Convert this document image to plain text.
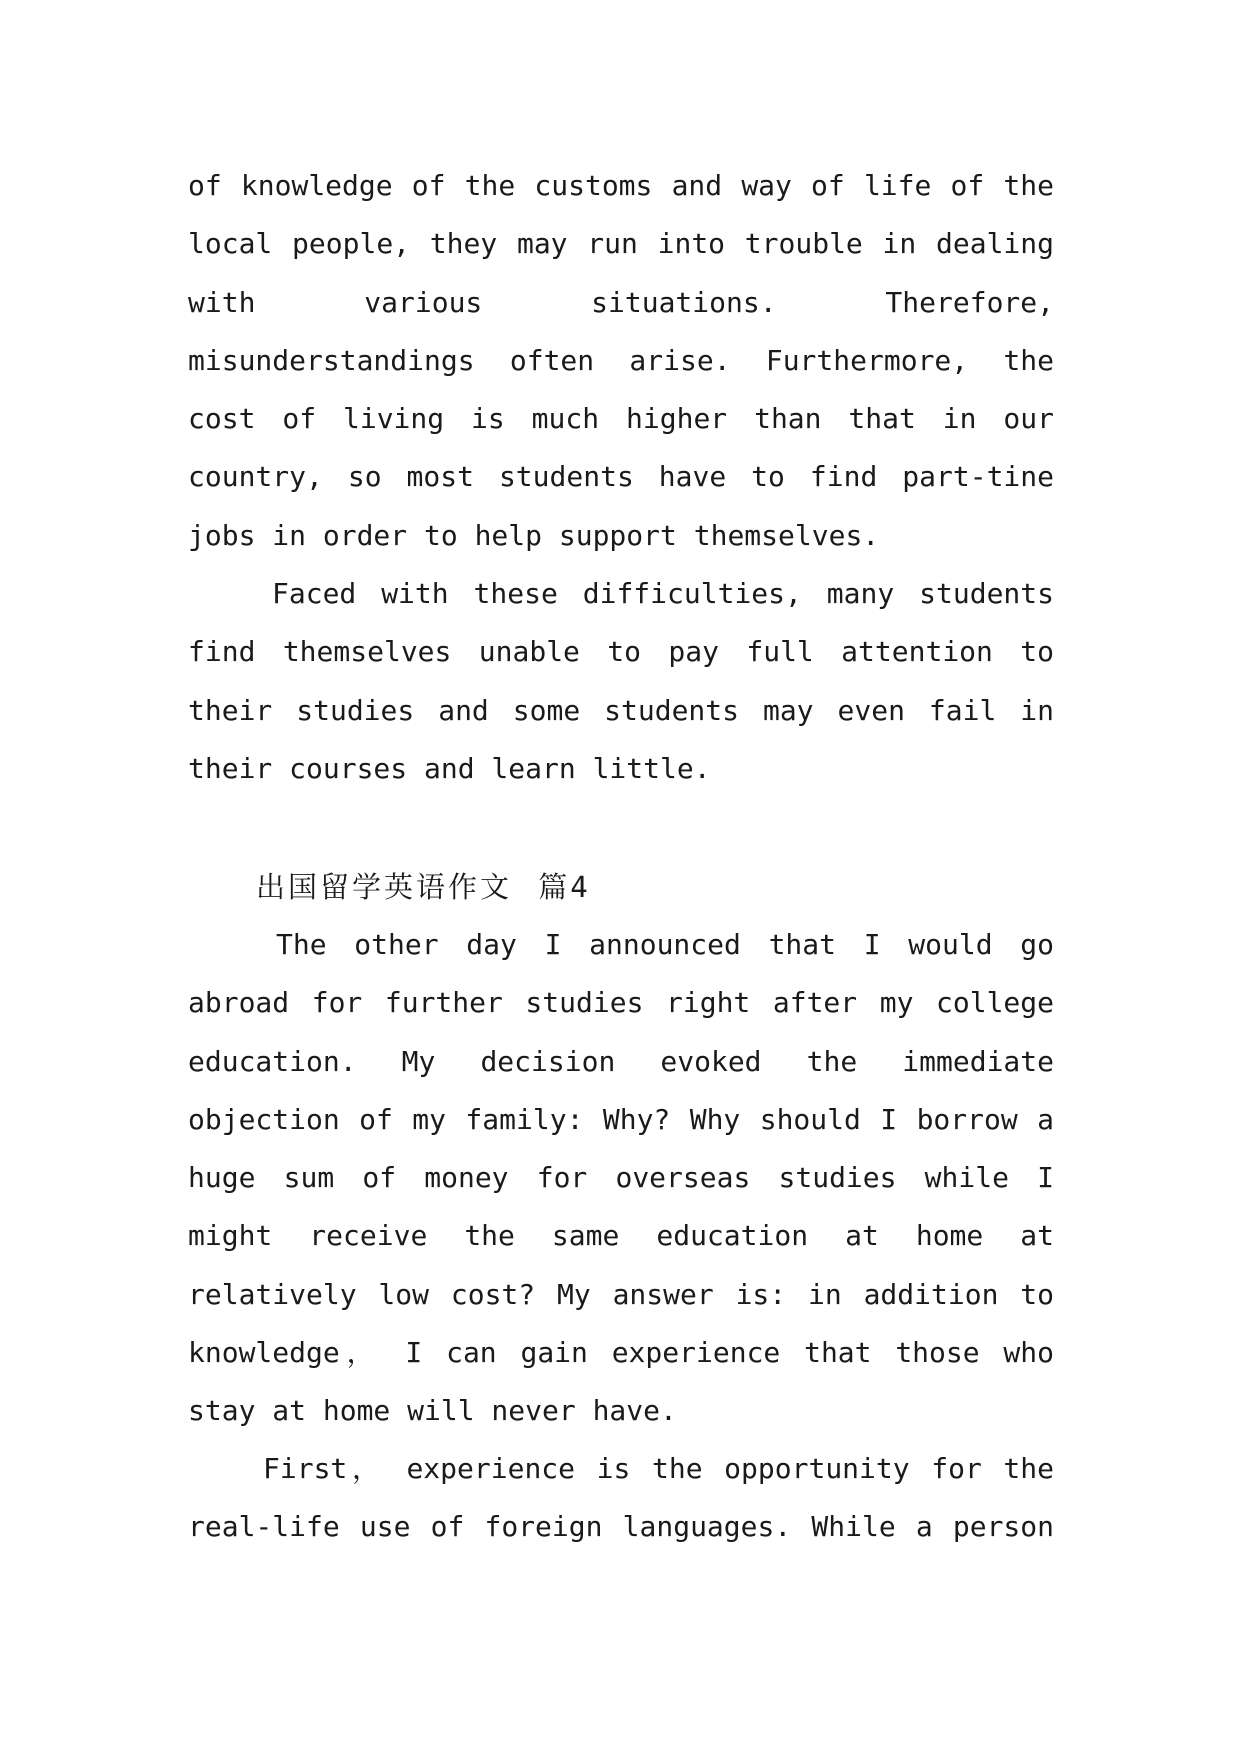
of knowledge of the customs and way of life of the
local people, they may run into trouble in dealing
with various situations. Therefore,
misunderstandings often arise. Furthermore, the
cost of living is much higher than that in our
country, so most students have to find part-tine
jobs in order to help support themselves.
Faced with these difficulties, many students
find themselves unable to pay full attention to
their studies and some students may even fail in
their courses and learn little.
出国留学英语作文 篇4
The other day I announced that I would go
abroad for further studies right after my college
education. My decision evoked the immediate
objection of my family: Why? Why should I borrow a
huge sum of money for overseas studies while I
might receive the same education at home at
relatively low cost? My answer is: in addition to
knowledge， I can gain experience that those who
stay at home will never have.
First， experience is the opportunity for the
real-life use of foreign languages. While a person
